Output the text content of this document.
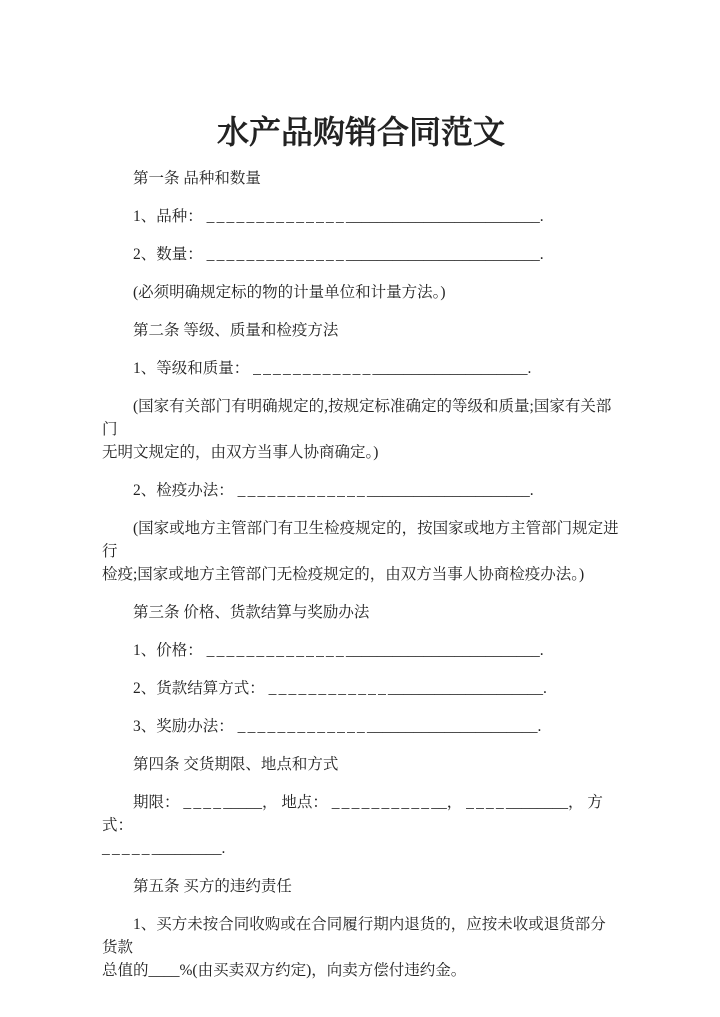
水产品购销合同范文

第一条 品种和数量

1、品种： _______________________________________.

2、数量： _______________________________________.

(必须明确规定标的物的计量单位和计量方法。)

第二条 等级、质量和检疫方法

1、等级和质量： ________________________________.

(国家有关部门有明确规定的,按规定标准确定的等级和质量;国家有关部门

无明文规定的，由双方当事人协商确定。)

2、检疫办法： __________________________________.

(国家或地方主管部门有卫生检疫规定的，按国家或地方主管部门规定进行

检疫;国家或地方主管部门无检疫规定的，由双方当事人协商检疫办法。)

第三条 价格、货款结算与奖励办法

1、价格： _______________________________________.

2、货款结算方式： ________________________________.

3、奖励办法： ___________________________________.

第四条 交货期限、地点和方式

期限： _________， 地点： ____________， ____________， 方式：

______________.

第五条 买方的违约责任

1、买方未按合同收购或在合同履行期内退货的，应按未收或退货部分货款

总值的____%(由买卖双方约定)，向卖方偿付违约金。
